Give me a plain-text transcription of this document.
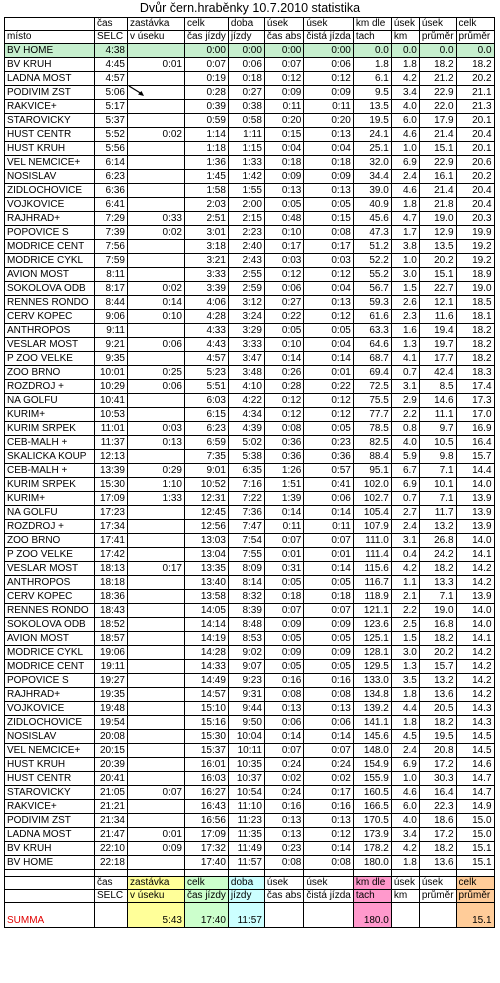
Dvůr čern.hraběnky 10.7.2010 statistika
	čas	zastávka	celk	doba	úsek	úsek	km dle	úsek	úsek	celk
místo	SELC	v úseku	čas jízdy	jízdy	čas abs	čistá jízda	tach	km	průměr	průměr
BV HOME	4:38		0:00	0:00	0:00	0:00	0.0	0.0	0.0	0.0
BV KRUH	4:45	0:01	0:07	0:06	0:07	0:06	1.8	1.8	18.2	18.2
LADNA MOST	4:57		0:19	0:18	0:12	0:12	6.1	4.2	21.2	20.2
PODIVIM ZST	5:06		0:28	0:27	0:09	0:09	9.5	3.4	22.9	21.1
RAKVICE+	5:17		0:39	0:38	0:11	0:11	13.5	4.0	22.0	21.3
STAROVICKY	5:37		0:59	0:58	0:20	0:20	19.5	6.0	17.9	20.1
HUST CENTR	5:52	0:02	1:14	1:11	0:15	0:13	24.1	4.6	21.4	20.4
HUST KRUH	5:56		1:18	1:15	0:04	0:04	25.1	1.0	15.1	20.1
VEL NEMCICE+	6:14		1:36	1:33	0:18	0:18	32.0	6.9	22.9	20.6
NOSISLAV	6:23		1:45	1:42	0:09	0:09	34.4	2.4	16.1	20.2
ZIDLOCHOVICE	6:36		1:58	1:55	0:13	0:13	39.0	4.6	21.4	20.4
VOJKOVICE	6:41		2:03	2:00	0:05	0:05	40.9	1.8	21.8	20.4
RAJHRAD+	7:29	0:33	2:51	2:15	0:48	0:15	45.6	4.7	19.0	20.3
POPOVICE S	7:39	0:02	3:01	2:23	0:10	0:08	47.3	1.7	12.9	19.9
MODRICE CENT	7:56		3:18	2:40	0:17	0:17	51.2	3.8	13.5	19.2
MODRICE CYKL	7:59		3:21	2:43	0:03	0:03	52.2	1.0	20.2	19.2
AVION MOST	8:11		3:33	2:55	0:12	0:12	55.2	3.0	15.1	18.9
SOKOLOVA ODB	8:17	0:02	3:39	2:59	0:06	0:04	56.7	1.5	22.7	19.0
RENNES RONDO	8:44	0:14	4:06	3:12	0:27	0:13	59.3	2.6	12.1	18.5
CERV KOPEC	9:06	0:10	4:28	3:24	0:22	0:12	61.6	2.3	11.6	18.1
ANTHROPOS	9:11		4:33	3:29	0:05	0:05	63.3	1.6	19.4	18.2
VESLAR MOST	9:21	0:06	4:43	3:33	0:10	0:04	64.6	1.3	19.7	18.2
P ZOO VELKE	9:35		4:57	3:47	0:14	0:14	68.7	4.1	17.7	18.2
ZOO BRNO	10:01	0:25	5:23	3:48	0:26	0:01	69.4	0.7	42.4	18.3
ROZDROJ +	10:29	0:06	5:51	4:10	0:28	0:22	72.5	3.1	8.5	17.4
NA GOLFU	10:41		6:03	4:22	0:12	0:12	75.5	2.9	14.6	17.3
KURIM+	10:53		6:15	4:34	0:12	0:12	77.7	2.2	11.1	17.0
KURIM SRPEK	11:01	0:03	6:23	4:39	0:08	0:05	78.5	0.8	9.7	16.9
CEB-MALH +	11:37	0:13	6:59	5:02	0:36	0:23	82.5	4.0	10.5	16.4
SKALICKA KOUP	12:13		7:35	5:38	0:36	0:36	88.4	5.9	9.8	15.7
CEB-MALH +	13:39	0:29	9:01	6:35	1:26	0:57	95.1	6.7	7.1	14.4
KURIM SRPEK	15:30	1:10	10:52	7:16	1:51	0:41	102.0	6.9	10.1	14.0
KURIM+	17:09	1:33	12:31	7:22	1:39	0:06	102.7	0.7	7.1	13.9
NA GOLFU	17:23		12:45	7:36	0:14	0:14	105.4	2.7	11.7	13.9
ROZDROJ +	17:34		12:56	7:47	0:11	0:11	107.9	2.4	13.2	13.9
ZOO BRNO	17:41		13:03	7:54	0:07	0:07	111.0	3.1	26.8	14.0
P ZOO VELKE	17:42		13:04	7:55	0:01	0:01	111.4	0.4	24.2	14.1
VESLAR MOST	18:13	0:17	13:35	8:09	0:31	0:14	115.6	4.2	18.2	14.2
ANTHROPOS	18:18		13:40	8:14	0:05	0:05	116.7	1.1	13.3	14.2
CERV KOPEC	18:36		13:58	8:32	0:18	0:18	118.9	2.1	7.1	13.9
RENNES RONDO	18:43		14:05	8:39	0:07	0:07	121.1	2.2	19.0	14.0
SOKOLOVA ODB	18:52		14:14	8:48	0:09	0:09	123.6	2.5	16.8	14.0
AVION MOST	18:57		14:19	8:53	0:05	0:05	125.1	1.5	18.2	14.1
MODRICE CYKL	19:06		14:28	9:02	0:09	0:09	128.1	3.0	20.2	14.2
MODRICE CENT	19:11		14:33	9:07	0:05	0:05	129.5	1.3	15.7	14.2
POPOVICE S	19:27		14:49	9:23	0:16	0:16	133.0	3.5	13.2	14.2
RAJHRAD+	19:35		14:57	9:31	0:08	0:08	134.8	1.8	13.6	14.2
VOJKOVICE	19:48		15:10	9:44	0:13	0:13	139.2	4.4	20.5	14.3
ZIDLOCHOVICE	19:54		15:16	9:50	0:06	0:06	141.1	1.8	18.2	14.3
NOSISLAV	20:08		15:30	10:04	0:14	0:14	145.6	4.5	19.5	14.5
VEL NEMCICE+	20:15		15:37	10:11	0:07	0:07	148.0	2.4	20.8	14.5
HUST KRUH	20:39		16:01	10:35	0:24	0:24	154.9	6.9	17.2	14.6
HUST CENTR	20:41		16:03	10:37	0:02	0:02	155.9	1.0	30.3	14.7
STAROVICKY	21:05	0:07	16:27	10:54	0:24	0:17	160.5	4.6	16.4	14.7
RAKVICE+	21:21		16:43	11:10	0:16	0:16	166.5	6.0	22.3	14.9
PODIVIM ZST	21:34		16:56	11:23	0:13	0:13	170.5	4.0	18.6	15.0
LADNA MOST	21:47	0:01	17:09	11:35	0:13	0:12	173.9	3.4	17.2	15.0
BV KRUH	22:10	0:09	17:32	11:49	0:23	0:14	178.2	4.2	18.2	15.1
BV HOME	22:18		17:40	11:57	0:08	0:08	180.0	1.8	13.6	15.1

	čas	zastávka	celk	doba	úsek	úsek	km dle	úsek	úsek	celk
	SELC	v úseku	čas jízdy	jízdy	čas abs	čistá jízda	tach	km	průměr	průměr
SUMMA		5:43	17:40	11:57			180.0			15.1
